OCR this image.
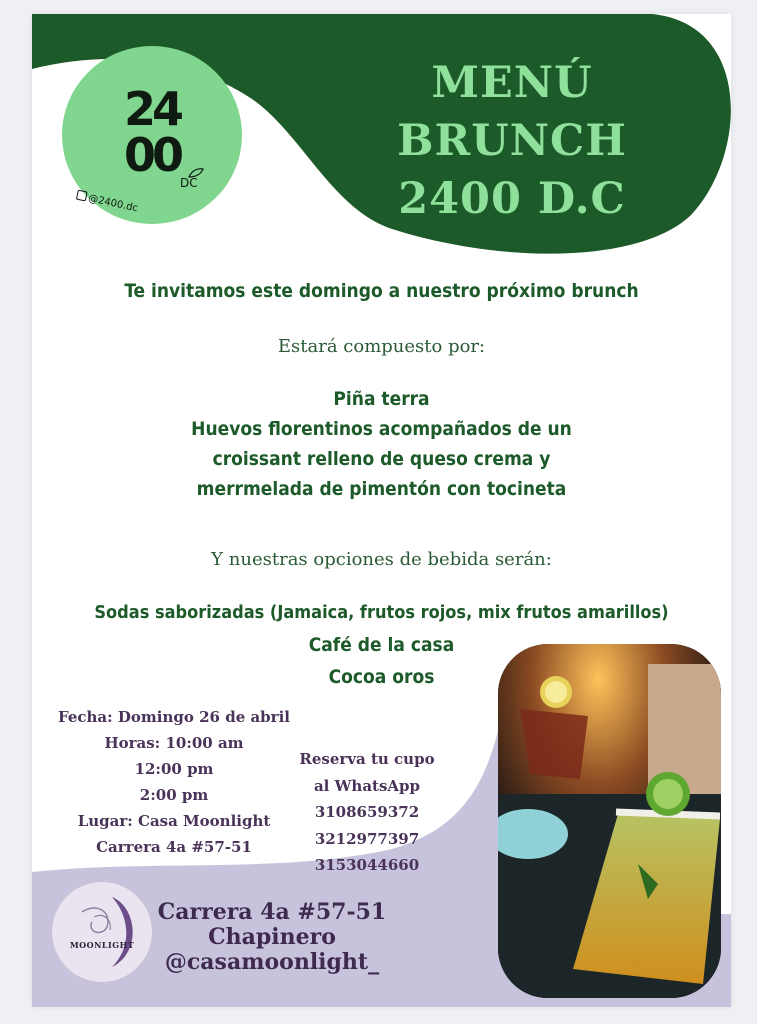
24
00
DC
@2400.dc
MENÚ
BRUNCH
2400 D.C
Te invitamos este domingo a nuestro próximo brunch
Estará compuesto por:
Piña terra
Huevos florentinos acompañados de un
croissant relleno de queso crema y
merrmelada de pimentón con tocineta
Y nuestras opciones de bebida serán:
Sodas saborizadas (Jamaica, frutos rojos, mix frutos amarillos)
Café de la casa
Cocoa oros
Fecha: Domingo 26 de abril
Horas: 10:00 am
12:00 pm
2:00 pm
Lugar: Casa Moonlight
Carrera 4a #57-51
Reserva tu cupo
al WhatsApp
3108659372
3212977397
3153044660
MOONLIGHT
Carrera 4a #57-51
Chapinero
@casamoonlight_
